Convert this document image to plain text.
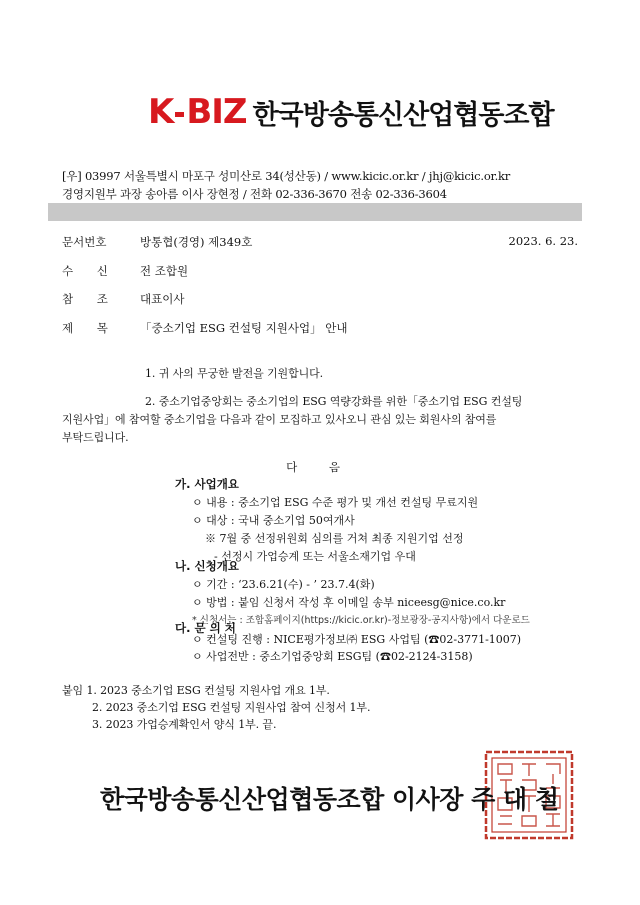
K BIZ 한국방송통신산업협동조합
[우] 03997 서울특별시 마포구 성미산로 34(성산동) / www.kicic.or.kr / jhj@kicic.or.kr
경영지원부 과장 송아름 이사 장현정 / 전화 02-336-3670 전송 02-336-3604
문서번호	방통협(경영) 제349호	2023. 6. 23.
수 신 전 조합원
참 조 대표이사
제 목 「중소기업 ESG 컨설팅 지원사업」 안내
1. 귀 사의 무궁한 발전을 기원합니다.
2. 중소기업중앙회는 중소기업의 ESG 역량강화를 위한「중소기업 ESG 컨설팅
지원사업」에 참여할 중소기업을 다음과 같이 모집하고 있사오니 관심 있는 회원사의 참여를
부탁드립니다.
다 음
가. 사업개요
ㅇ 내용 : 중소기업 ESG 수준 평가 및 개선 컨설팅 무료지원
ㅇ 대상 : 국내 중소기업 50여개사
※ 7월 중 선정위원회 심의를 거쳐 최종 지원기업 선정
- 선정시 가업승계 또는 서울소재기업 우대
나. 신청개요
ㅇ 기간 : ‘23.6.21(수) - ’ 23.7.4(화)
ㅇ 방법 : 붙임 신청서 작성 후 이메일 송부 niceesg@nice.co.kr
* 신청서는 : 조합홈페이지(https://kicic.or.kr)-정보광장-공지사항)에서 다운로드
다. 문 의 처
ㅇ 컨설팅 진행 : NICE평가정보㈜ ESG 사업팀 (☎02-3771-1007)
ㅇ 사업전반 : 중소기업중앙회 ESG팀 (☎02-2124-3158)
붙임 1. 2023 중소기업 ESG 컨설팅 지원사업 개요 1부.
2. 2023 중소기업 ESG 컨설팅 지원사업 참여 신청서 1부.
3. 2023 가업승계확인서 양식 1부. 끝.
한국방송통신산업협동조합 이사장 주 대 철
